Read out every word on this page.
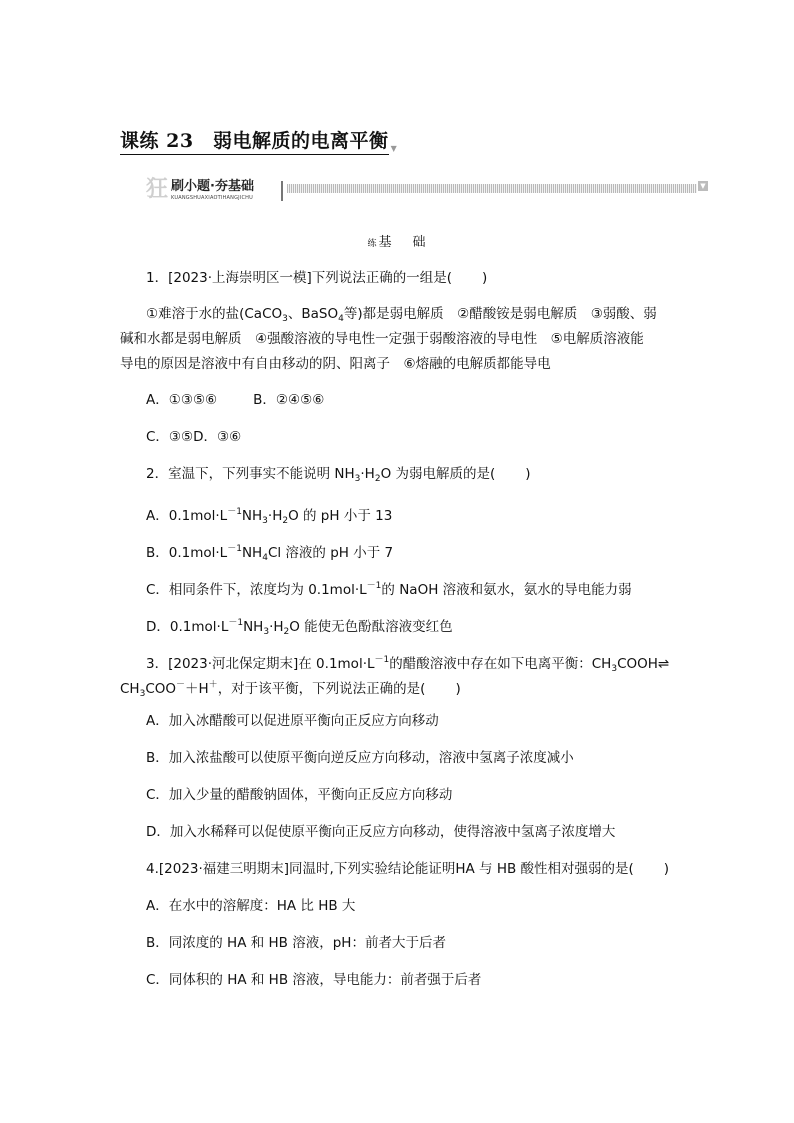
课练 23　弱电解质的电离平衡 ▼
狂 刷小题·夯基础
KUANGSHUAXIAOTIHANGJICHU
▼
练基 础
1．[2023·上海崇明区一模]下列说法正确的一组是( )
①难溶于水的盐(CaCO$_3$、BaSO$_4$等)都是弱电解质　②醋酸铵是弱电解质　③弱酸、弱
碱和水都是弱电解质　④强酸溶液的导电性一定强于弱酸溶液的导电性　⑤电解质溶液能
导电的原因是溶液中有自由移动的阴、阳离子　⑥熔融的电解质都能导电
A．①③⑤⑥	B．②④⑤⑥
C．③⑤D．③⑥
2．室温下，下列事实不能说明 $NH_3\cdot H_2O$ 为弱电解质的是( )
A．$0.1mol\cdot L^{-1}NH_3\cdot H_2O$ 的 pH 小于 13
B．$0.1mol\cdot L^{-1}NH_4Cl$ 溶液的 pH 小于 7
C．相同条件下，浓度均为 $0.1mol\cdot L^{-1}$的 NaOH 溶液和氨水，氨水的导电能力弱
D．$0.1mol\cdot L^{-1}NH_3\cdot H_2O$ 能使无色酚酞溶液变红色
3．[2023·河北保定期末]在 $0.1mol\cdot L^{-1}$的醋酸溶液中存在如下电离平衡：$CH_3COOH\rightleftharpoons$
$CH_3COO^-+H^+$，对于该平衡，下列说法正确的是( )
A．加入冰醋酸可以促进原平衡向正反应方向移动
B．加入浓盐酸可以使原平衡向逆反应方向移动，溶液中氢离子浓度减小
C．加入少量的醋酸钠固体，平衡向正反应方向移动
D．加入水稀释可以促使原平衡向正反应方向移动，使得溶液中氢离子浓度增大
4.[2023·福建三明期末]同温时,下列实验结论能证明HA 与 HB 酸性相对强弱的是( )
A．在水中的溶解度：HA 比 HB 大
B．同浓度的 HA 和 HB 溶液，pH：前者大于后者
C．同体积的 HA 和 HB 溶液，导电能力：前者强于后者
